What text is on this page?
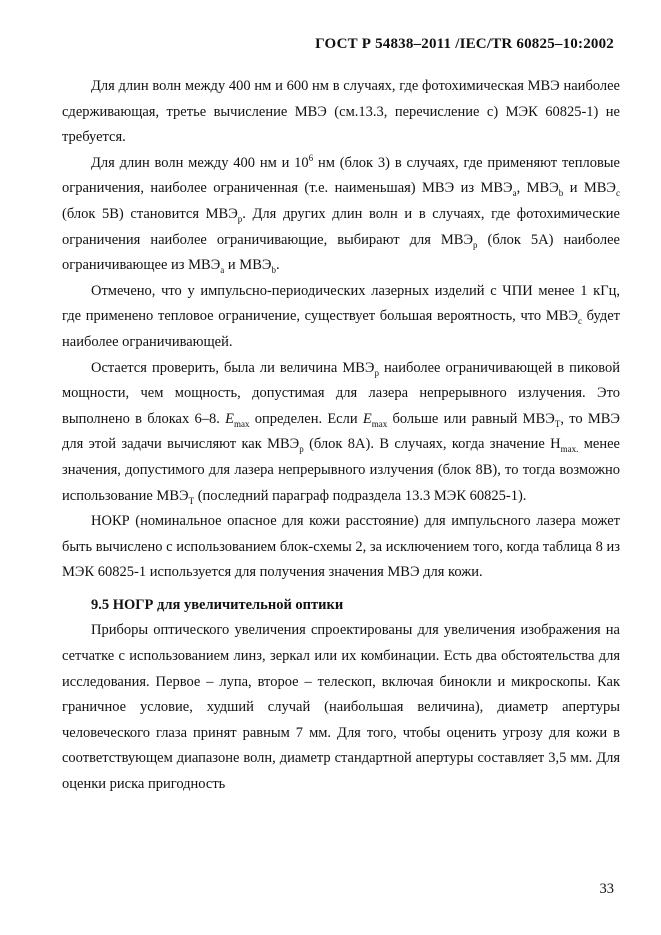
ГОСТ Р 54838–2011 /IEC/TR 60825–10:2002

Для длин волн между 400 нм и 600 нм в случаях, где фотохимическая МВЭ наиболее сдерживающая, третье вычисление МВЭ (см.13.3, перечисление с) МЭК 60825-1) не требуется.

Для длин волн между 400 нм и $10^6$ нм (блок 3) в случаях, где применяют тепловые ограничения, наиболее ограниченная (т.е. наименьшая) МВЭ из $МВЭ_a$, $МВЭ_b$ и $МВЭ_c$ (блок 5В) становится $МВЭ_р$. Для других длин волн и в случаях, где фотохимические ограничения наиболее ограничивающие, выбирают для $МВЭ_р$ (блок 5А) наиболее ограничивающее из $МВЭ_a$ и $МВЭ_b$.

Отмечено, что у импульсно-периодических лазерных изделий с ЧПИ менее 1 кГц, где применено тепловое ограничение, существует большая вероятность, что $МВЭ_c$ будет наиболее ограничивающей.

Остается проверить, была ли величина $МВЭ_р$ наиболее ограничивающей в пиковой мощности, чем мощность, допустимая для лазера непрерывного излучения. Это выполнено в блоках 6–8. $E_{max}$ определен. Если $E_{max}$ больше или равный $МВЭ_T$, то МВЭ для этой задачи вычисляют как $МВЭ_р$ (блок 8А). В случаях, когда значение $H_{max.}$ менее значения, допустимого для лазера непрерывного излучения (блок 8В), то тогда возможно использование $МВЭ_T$ (последний параграф подраздела 13.3 МЭК 60825-1).

НОКР (номинальное опасное для кожи расстояние) для импульсного лазера может быть вычислено с использованием блок-схемы 2, за исключением того, когда таблица 8 из МЭК 60825-1 используется для получения значения МВЭ для кожи.

9.5 НОГР для увеличительной оптики

Приборы оптического увеличения спроектированы для увеличения изображения на сетчатке с использованием линз, зеркал или их комбинации. Есть два обстоятельства для исследования. Первое – лупа, второе – телескоп, включая бинокли и микроскопы. Как граничное условие, худший случай (наибольшая величина), диаметр апертуры человеческого глаза принят равным 7 мм. Для того, чтобы оценить угрозу для кожи в соответствующем диапазоне волн, диаметр стандартной апертуры составляет 3,5 мм. Для оценки риска пригодность

33
